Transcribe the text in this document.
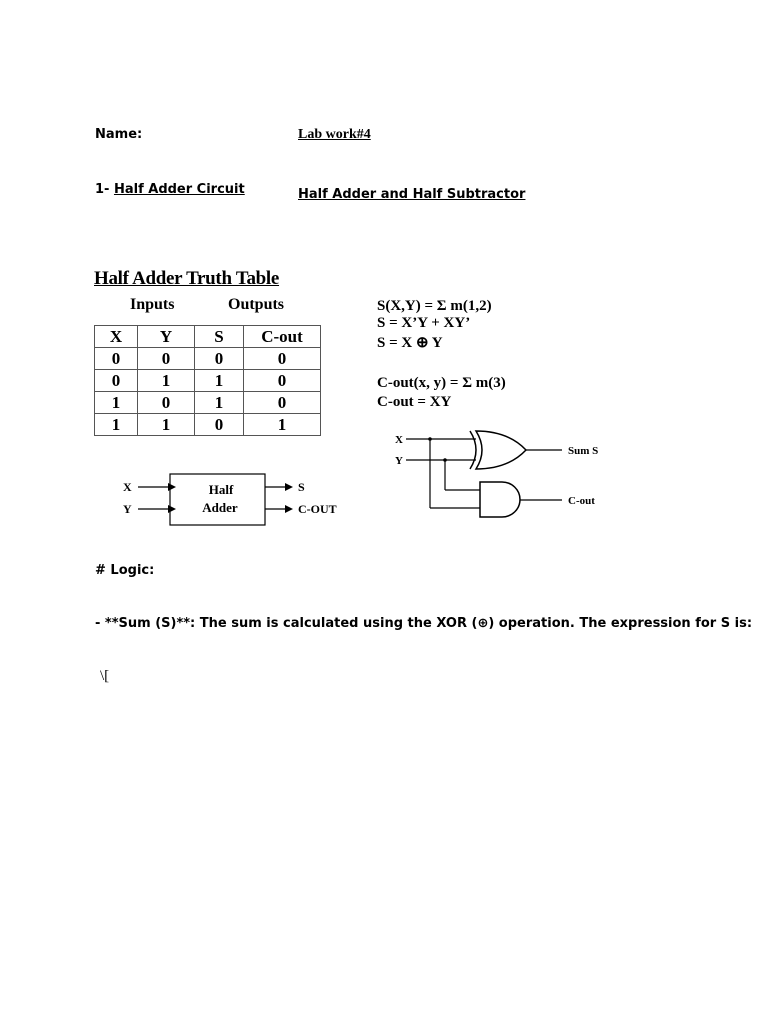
Name:	Lab work#4
1- Half Adder Circuit	Half Adder and Half Subtractor
Half Adder Truth Table
Inputs	Outputs
X	Y	S	C-out
0	0	0	0
0	1	1	0
1	0	1	0
1	1	0	1
S(X,Y) = Σ m(1,2)
S = X’Y + XY’
S = X ⊕ Y
C-out(x, y) = Σ m(3)
C-out = XY
X
Y
Half
Adder
S
C-OUT
X
Y
Sum S
C-out
# Logic:
- **Sum (S)**: The sum is calculated using the XOR (⊕) operation. The expression for S is:
\[
